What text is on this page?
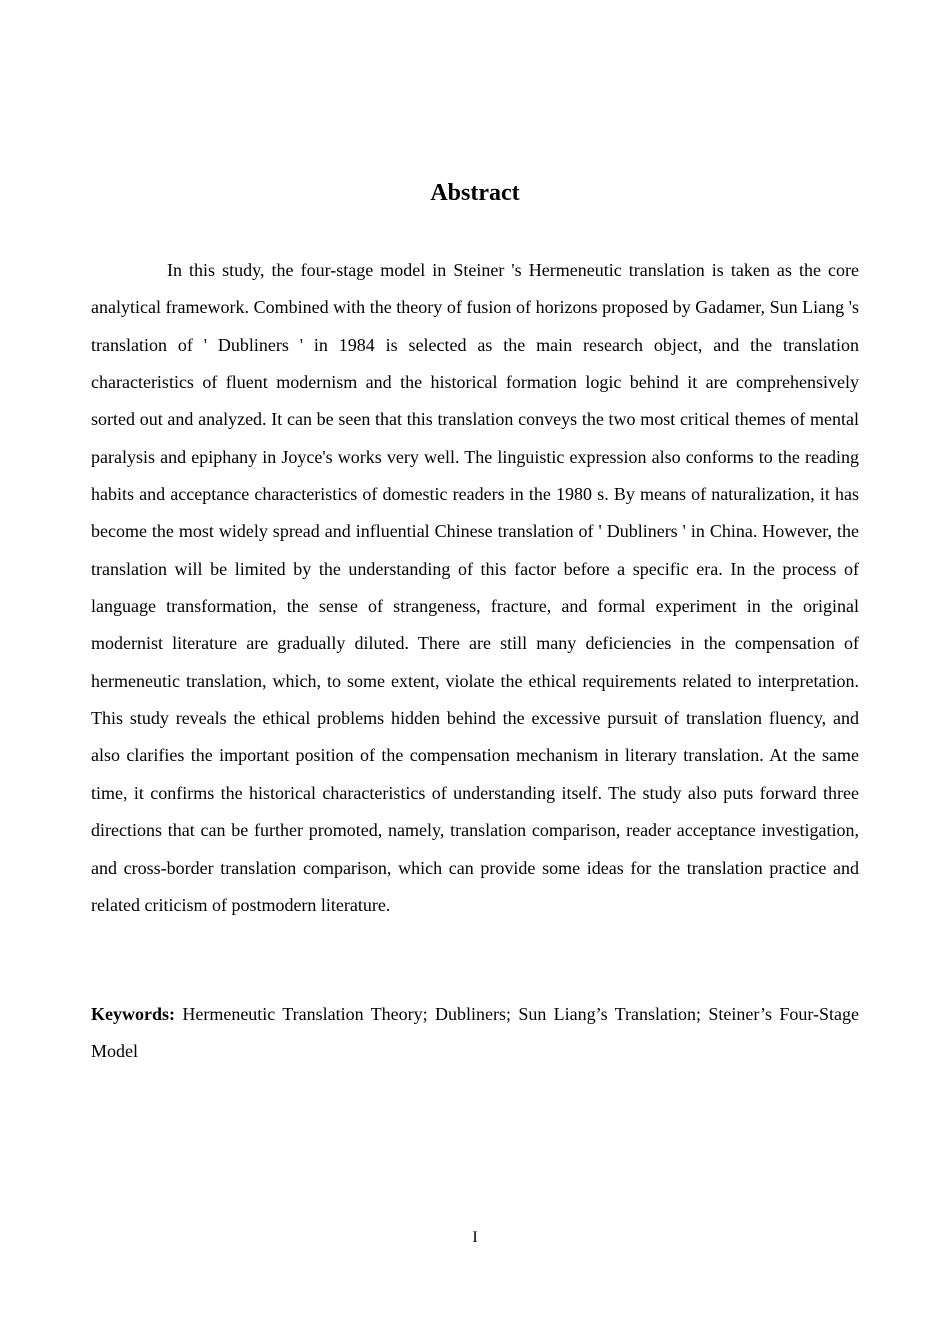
Abstract

In this study, the four-stage model in Steiner 's Hermeneutic translation is taken as the core analytical framework. Combined with the theory of fusion of horizons proposed by Gadamer, Sun Liang 's translation of ' Dubliners ' in 1984 is selected as the main research object, and the translation characteristics of fluent modernism and the historical formation logic behind it are comprehensively sorted out and analyzed. It can be seen that this translation conveys the two most critical themes of mental paralysis and epiphany in Joyce's works very well. The linguistic expression also conforms to the reading habits and acceptance characteristics of domestic readers in the 1980 s. By means of naturalization, it has become the most widely spread and influential Chinese translation of ' Dubliners ' in China. However, the translation will be limited by the understanding of this factor before a specific era. In the process of language transformation, the sense of strangeness, fracture, and formal experiment in the original modernist literature are gradually diluted. There are still many deficiencies in the compensation of hermeneutic translation, which, to some extent, violate the ethical requirements related to interpretation. This study reveals the ethical problems hidden behind the excessive pursuit of translation fluency, and also clarifies the important position of the compensation mechanism in literary translation. At the same time, it confirms the historical characteristics of understanding itself. The study also puts forward three directions that can be further promoted, namely, translation comparison, reader acceptance investigation, and cross-border translation comparison, which can provide some ideas for the translation practice and related criticism of postmodern literature.

Keywords: Hermeneutic Translation Theory; Dubliners; Sun Liang’s Translation; Steiner’s Four-Stage Model

I
